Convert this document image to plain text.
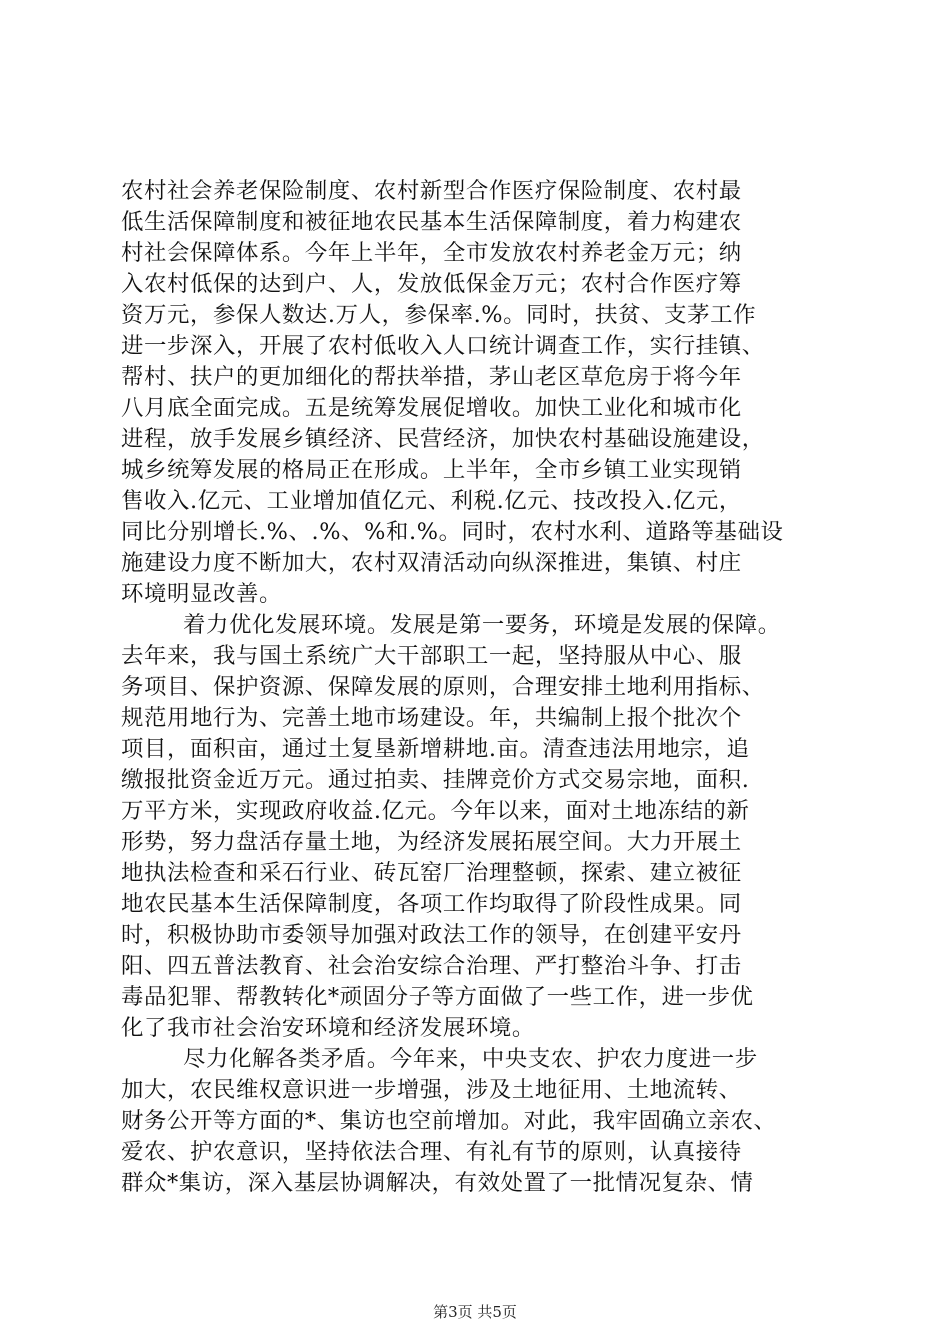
农村社会养老保险制度、农村新型合作医疗保险制度、农村最
低生活保障制度和被征地农民基本生活保障制度，着力构建农
村社会保障体系。今年上半年，全市发放农村养老金万元；纳
入农村低保的达到户、人，发放低保金万元；农村合作医疗筹
资万元，参保人数达.万人，参保率.%。同时，扶贫、支茅工作
进一步深入，开展了农村低收入人口统计调查工作，实行挂镇、
帮村、扶户的更加细化的帮扶举措，茅山老区草危房于将今年
八月底全面完成。五是统筹发展促增收。加快工业化和城市化
进程，放手发展乡镇经济、民营经济，加快农村基础设施建设，
城乡统筹发展的格局正在形成。上半年，全市乡镇工业实现销
售收入.亿元、工业增加值亿元、利税.亿元、技改投入.亿元，
同比分别增长.%、.%、%和.%。同时，农村水利、道路等基础设
施建设力度不断加大，农村双清活动向纵深推进，集镇、村庄
环境明显改善。
着力优化发展环境。发展是第一要务，环境是发展的保障。
去年来，我与国土系统广大干部职工一起，坚持服从中心、服
务项目、保护资源、保障发展的原则，合理安排土地利用指标、
规范用地行为、完善土地市场建设。年，共编制上报个批次个
项目，面积亩，通过土复垦新增耕地.亩。清查违法用地宗，追
缴报批资金近万元。通过拍卖、挂牌竞价方式交易宗地，面积.
万平方米，实现政府收益.亿元。今年以来，面对土地冻结的新
形势，努力盘活存量土地，为经济发展拓展空间。大力开展土
地执法检查和采石行业、砖瓦窑厂治理整顿，探索、建立被征
地农民基本生活保障制度，各项工作均取得了阶段性成果。同
时，积极协助市委领导加强对政法工作的领导，在创建平安丹
阳、四五普法教育、社会治安综合治理、严打整治斗争、打击
毒品犯罪、帮教转化*顽固分子等方面做了一些工作，进一步优
化了我市社会治安环境和经济发展环境。
尽力化解各类矛盾。今年来，中央支农、护农力度进一步
加大，农民维权意识进一步增强，涉及土地征用、土地流转、
财务公开等方面的*、集访也空前增加。对此，我牢固确立亲农、
爱农、护农意识，坚持依法合理、有礼有节的原则，认真接待
群众*集访，深入基层协调解决，有效处置了一批情况复杂、情
第3页 共5页
